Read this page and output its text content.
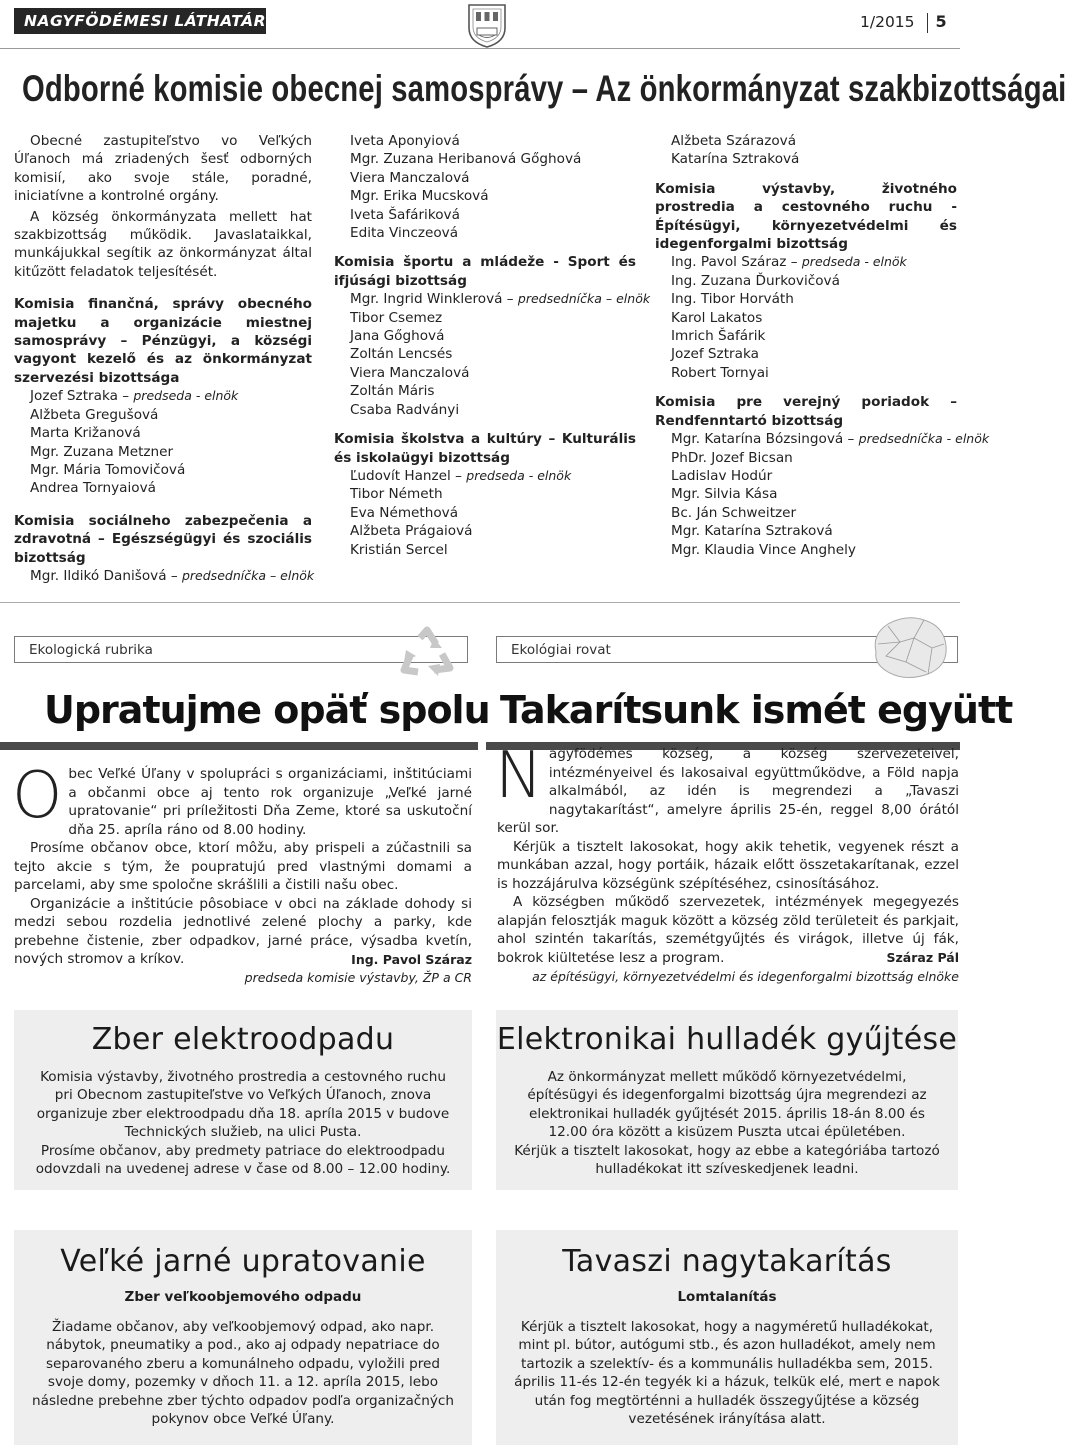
NAGYFÖDÉMESI LÁTHATÁR	1/2015 5
Odborné komisie obecnej samosprávy – Az önkormányzat szakbizottságai

Obecné zastupiteľstvo vo Veľkých Úľanoch má zriadených šesť odborných komisií, ako svoje stále, poradné, iniciatívne a kontrolné orgány.

A község önkormányzata mellett hat szakbizottság működik. Javaslataikkal, munkájukkal segítik az önkormányzat által kitűzött feladatok teljesítését.

Komisia finančná, správy obecného majetku a organizácie miestnej samosprávy – Pénzügyi, a községi vagyont kezelő és az önkormányzat szervezési bizottsága

Jozef Sztraka – predseda - elnök

Alžbeta Gregušová

Marta Križanová

Mgr. Zuzana Metzner

Mgr. Mária Tomovičová

Andrea Tornyaiová

Komisia sociálneho zabezpečenia a zdravotná – Egészségügyi és szociális bizottság

Mgr. Ildikó Danišová – predsedníčka – elnök

Iveta Aponyiová

Mgr. Zuzana Heribanová Gőghová

Viera Manczalová

Mgr. Erika Mucsková

Iveta Šafáriková

Edita Vinczeová

Komisia športu a mládeže - Sport és ifjúsági bizottság

Mgr. Ingrid Winklerová – predsedníčka – elnök

Tibor Csemez

Jana Gőghová

Zoltán Lencsés

Viera Manczalová

Zoltán Máris

Csaba Radványi

Komisia školstva a kultúry – Kulturális és iskolaügyi bizottság

Ľudovít Hanzel – predseda - elnök

Tibor Németh

Eva Némethová

Alžbeta Prágaiová

Kristián Sercel

Alžbeta Szárazová

Katarína Sztraková

Komisia výstavby, životného prostredia a cestovného ruchu - Építésügyi, környezetvédelmi és idegenforgalmi bizottság

Ing. Pavol Száraz – predseda - elnök

Ing. Zuzana Ďurkovičová

Ing. Tibor Horváth

Karol Lakatos

Imrich Šafárik

Jozef Sztraka

Robert Tornyai

Komisia pre verejný poriadok – Rendfenntartó bizottság

Mgr. Katarína Bózsingová – predsedníčka - elnök

PhDr. Jozef Bicsan

Ladislav Hodúr

Mgr. Silvia Kása

Bc. Ján Schweitzer

Mgr. Katarína Sztraková

Mgr. Klaudia Vince Anghely

Ekologická rubrika	Ekológiai rovat
Upratujme opäť spolu Takarítsunk ismét együtt

Obec Veľké Úľany v spolupráci s organizáciami, inštitúciami a občanmi obce aj tento rok organizuje „Veľké jarné upratovanie“ pri príležitosti Dňa Zeme, ktoré sa uskutoční dňa 25. apríla ráno od 8.00 hodiny.

Prosíme občanov obce, ktorí môžu, aby prispeli a zúčastnili sa tejto akcie s tým, že poupratujú pred vlastnými domami a parcelami, aby sme spoločne skrášlili a čistili našu obec.

Organizácie a inštitúcie pôsobiace v obci na základe dohody si medzi sebou rozdelia jednotlivé zelené plochy a parky, kde prebehne čistenie, zber odpadkov, jarné práce, výsadba kvetín, nových stromov a kríkov.	Ing. Pavol Száraz

predseda komisie výstavby, ŽP a CR

Nagyfödémes község, a község szervezeteivel, intézményeivel és lakosaival együttműködve, a Föld napja alkalmából, az idén is megrendezi a „Tavaszi nagytakarítást“, amelyre április 25-én, reggel 8,00 órától kerül sor.

Kérjük a tisztelt lakosokat, hogy akik tehetik, vegyenek részt a munkában azzal, hogy portáik, házaik előtt összetakarítanak, ezzel is hozzájárulva községünk szépítéséhez, csinosításához.

A községben működő szervezetek, intézmények megegyezés alapján felosztják maguk között a község zöld területeit és parkjait, ahol szintén takarítás, szemétgyűjtés és virágok, illetve új fák, bokrok kiültetése lesz a program.	Száraz Pál

az építésügyi, környezetvédelmi és idegenforgalmi bizottság elnöke

Zber elektroodpadu

Komisia výstavby, životného prostredia a cestovného ruchu pri Obecnom zastupiteľstve vo Veľkých Úľanoch, znova organizuje zber elektroodpadu dňa 18. apríla 2015 v budove Technických služieb, na ulici Pusta.

Prosíme občanov, aby predmety patriace do elektroodpadu odovzdali na uvedenej adrese v čase od 8.00 – 12.00 hodiny.

Elektronikai hulladék gyűjtése

Az önkormányzat mellett működő környezetvédelmi, építésügyi és idegenforgalmi bizottság újra megrendezi az elektronikai hulladék gyűjtését 2015. április 18-án 8.00 és 12.00 óra között a kisüzem Puszta utcai épületében.

Kérjük a tisztelt lakosokat, hogy az ebbe a kategóriába tartozó hulladékokat itt szíveskedjenek leadni.

Veľké jarné upratovanie

Zber veľkoobjemového odpadu

Žiadame občanov, aby veľkoobjemový odpad, ako napr. nábytok, pneumatiky a pod., ako aj odpady nepatriace do separovaného zberu a komunálneho odpadu, vyložili pred svoje domy, pozemky v dňoch 11. a 12. apríla 2015, lebo následne prebehne zber týchto odpadov podľa organizačných pokynov obce Veľké Úľany.

Tavaszi nagytakarítás

Lomtalanítás

Kérjük a tisztelt lakosokat, hogy a nagyméretű hulladékokat, mint pl. bútor, autógumi stb., és azon hulladékot, amely nem tartozik a szelektív- és a kommunális hulladékba sem, 2015. április 11-és 12-én tegyék ki a házuk, telkük elé, mert e napok után fog megtörténni a hulladék összegyűjtése a község vezetésének irányítása alatt.
